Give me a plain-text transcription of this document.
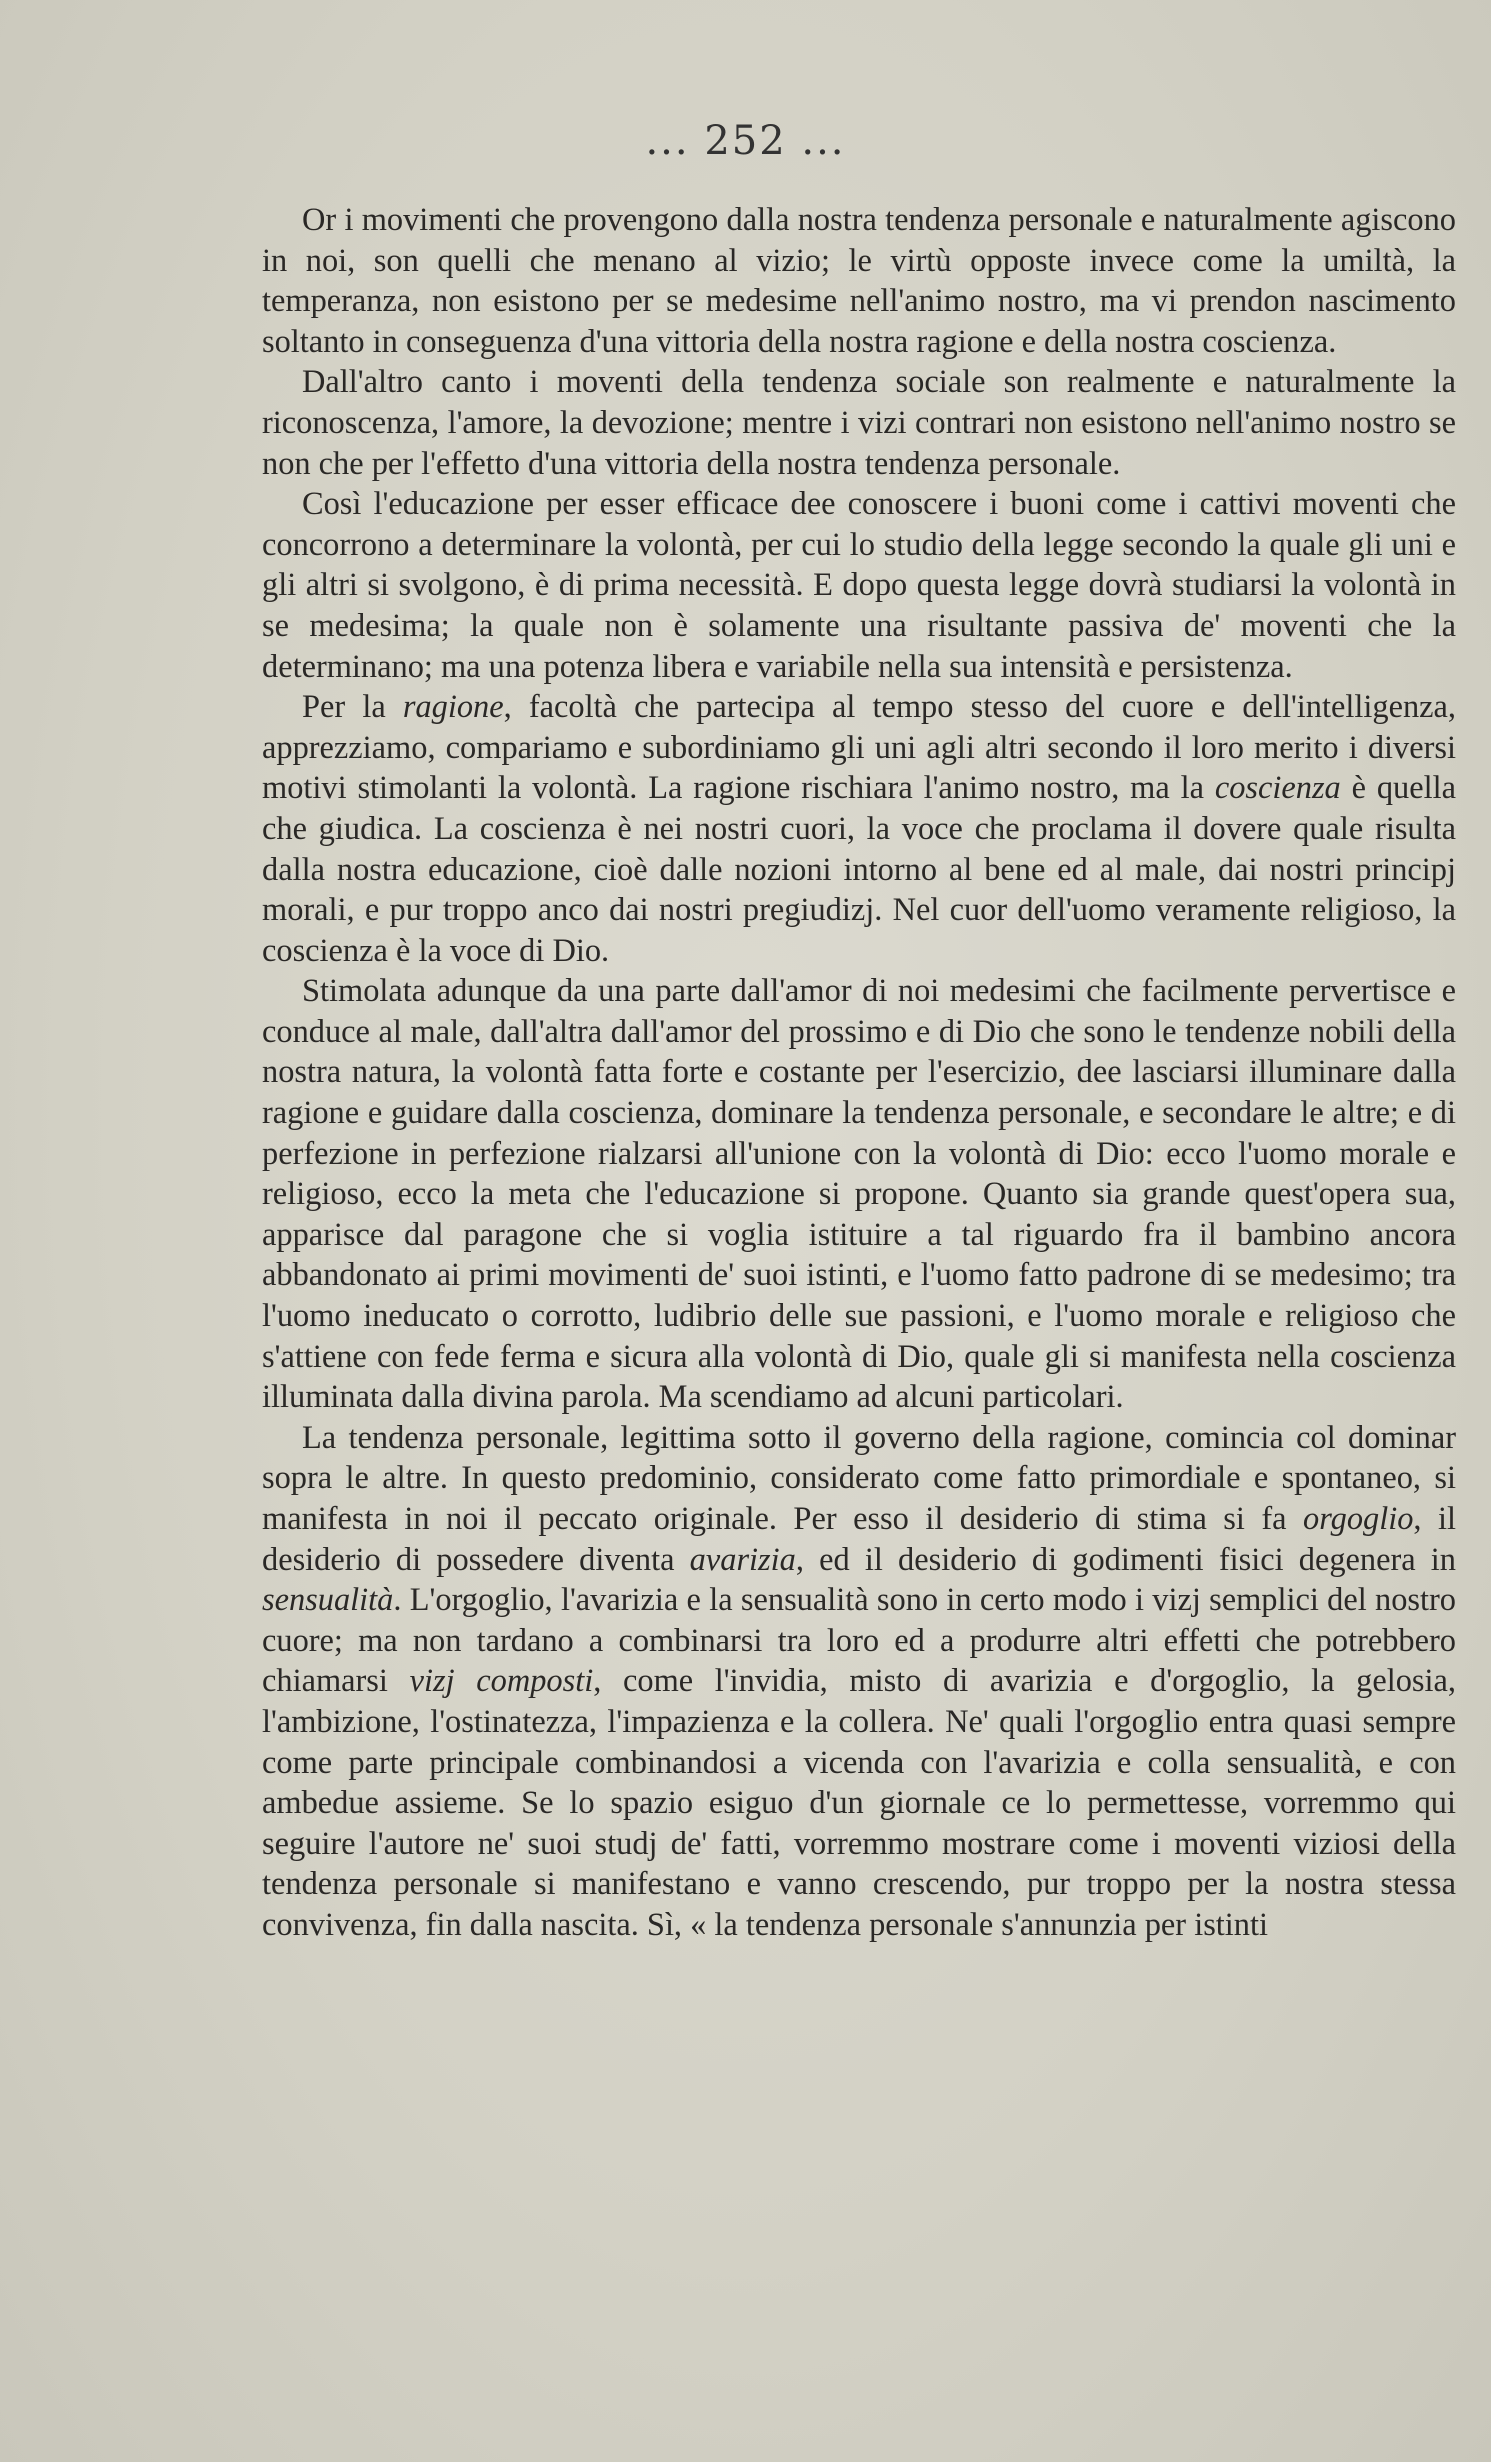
... 252 ...

Or i movimenti che provengono dalla nostra tendenza personale e naturalmente agiscono in noi, son quelli che menano al vizio; le virtù opposte invece come la umiltà, la temperanza, non esistono per se medesime nell'animo nostro, ma vi prendon nascimento soltanto in conseguenza d'una vittoria della nostra ragione e della nostra coscienza.

Dall'altro canto i moventi della tendenza sociale son realmente e naturalmente la riconoscenza, l'amore, la devozione; mentre i vizi contrari non esistono nell'animo nostro se non che per l'effetto d'una vittoria della nostra tendenza personale.

Così l'educazione per esser efficace dee conoscere i buoni come i cattivi moventi che concorrono a determinare la volontà, per cui lo studio della legge secondo la quale gli uni e gli altri si svolgono, è di prima necessità. E dopo questa legge dovrà studiarsi la volontà in se medesima; la quale non è solamente una risultante passiva de' moventi che la determinano; ma una potenza libera e variabile nella sua intensità e persistenza.

Per la ragione, facoltà che partecipa al tempo stesso del cuore e dell'intelligenza, apprezziamo, compariamo e subordiniamo gli uni agli altri secondo il loro merito i diversi motivi stimolanti la volontà. La ragione rischiara l'animo nostro, ma la coscienza è quella che giudica. La coscienza è nei nostri cuori, la voce che proclama il dovere quale risulta dalla nostra educazione, cioè dalle nozioni intorno al bene ed al male, dai nostri principj morali, e pur troppo anco dai nostri pregiudizj. Nel cuor dell'uomo veramente religioso, la coscienza è la voce di Dio.

Stimolata adunque da una parte dall'amor di noi medesimi che facilmente pervertisce e conduce al male, dall'altra dall'amor del prossimo e di Dio che sono le tendenze nobili della nostra natura, la volontà fatta forte e costante per l'esercizio, dee lasciarsi illuminare dalla ragione e guidare dalla coscienza, dominare la tendenza personale, e secondare le altre; e di perfezione in perfezione rialzarsi all'unione con la volontà di Dio: ecco l'uomo morale e religioso, ecco la meta che l'educazione si propone. Quanto sia grande quest'opera sua, apparisce dal paragone che si voglia istituire a tal riguardo fra il bambino ancora abbandonato ai primi movimenti de' suoi istinti, e l'uomo fatto padrone di se medesimo; tra l'uomo ineducato o corrotto, ludibrio delle sue passioni, e l'uomo morale e religioso che s'attiene con fede ferma e sicura alla volontà di Dio, quale gli si manifesta nella coscienza illuminata dalla divina parola. Ma scendiamo ad alcuni particolari.

La tendenza personale, legittima sotto il governo della ragione, comincia col dominar sopra le altre. In questo predominio, considerato come fatto primordiale e spontaneo, si manifesta in noi il peccato originale. Per esso il desiderio di stima si fa orgoglio, il desiderio di possedere diventa avarizia, ed il desiderio di godimenti fisici degenera in sensualità. L'orgoglio, l'avarizia e la sensualità sono in certo modo i vizj semplici del nostro cuore; ma non tardano a combinarsi tra loro ed a produrre altri effetti che potrebbero chiamarsi vizj composti, come l'invidia, misto di avarizia e d'orgoglio, la gelosia, l'ambizione, l'ostinatezza, l'impazienza e la collera. Ne' quali l'orgoglio entra quasi sempre come parte principale combinandosi a vicenda con l'avarizia e colla sensualità, e con ambedue assieme. Se lo spazio esiguo d'un giornale ce lo permettesse, vorremmo qui seguire l'autore ne' suoi studj de' fatti, vorremmo mostrare come i moventi viziosi della tendenza personale si manifestano e vanno crescendo, pur troppo per la nostra stessa convivenza, fin dalla nascita. Sì, « la tendenza personale s'annunzia per istinti
